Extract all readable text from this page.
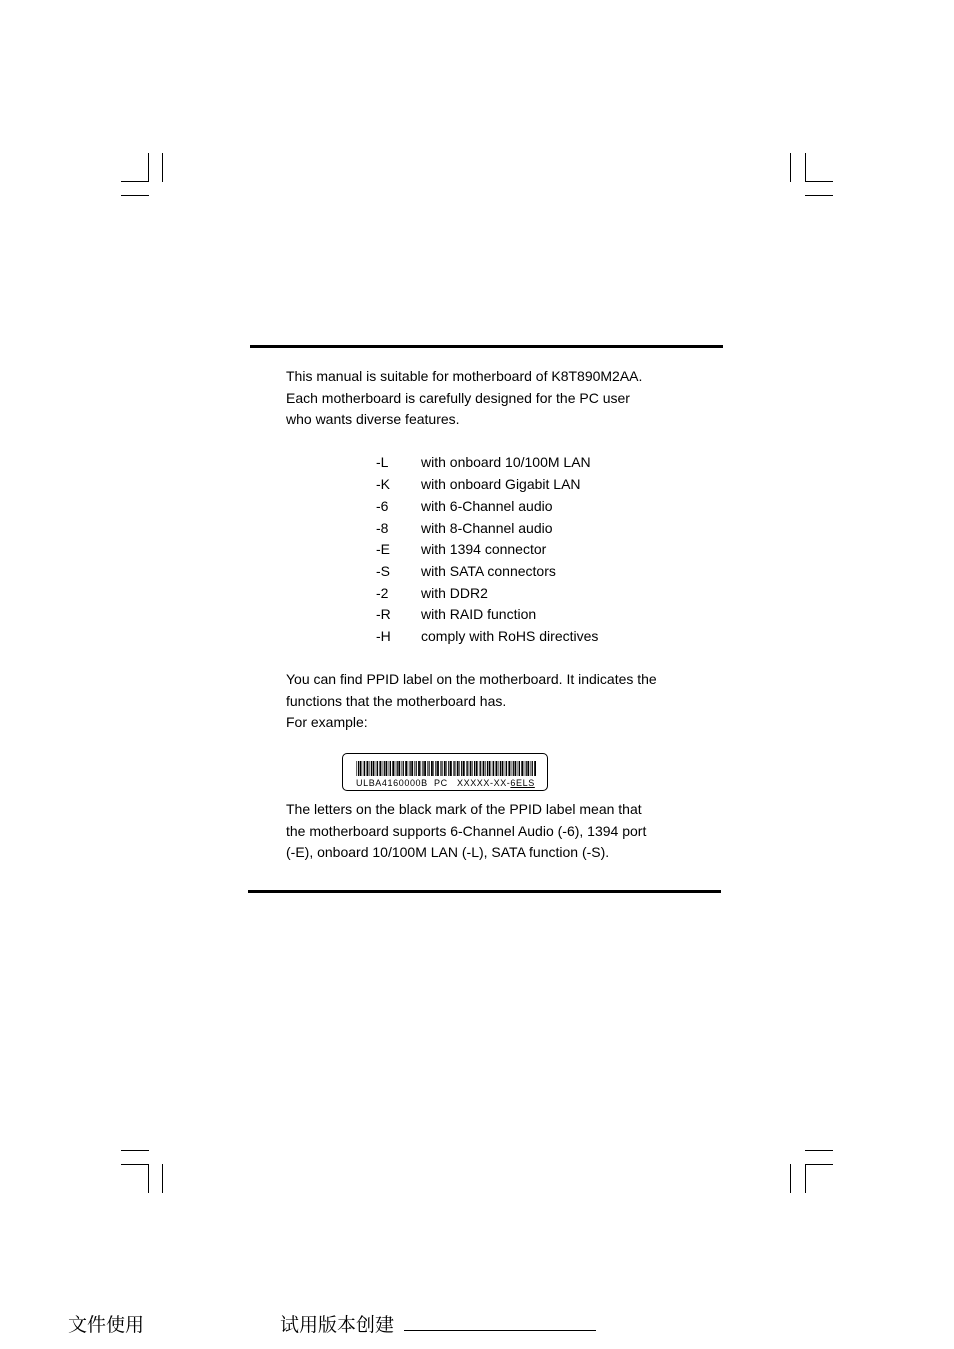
This manual is suitable for motherboard of K8T890M2AA.
Each motherboard is carefully designed for the PC user
who wants diverse features.
-L with onboard 10/100M LAN
-K with onboard Gigabit LAN
-6 with 6-Channel audio
-8 with 8-Channel audio
-E with 1394 connector
-S with SATA connectors
-2 with DDR2
-R with RAID function
-H comply with RoHS directives
You can find PPID label on the motherboard. It indicates the
functions that the motherboard has.
For example:
ULBA4160000B PC XXXXX-XX-6ELS
The letters on the black mark of the PPID label mean that
the motherboard supports 6-Channel Audio (-6), 1394 port
(-E), onboard 10/100M LAN (-L), SATA function (-S).
文件使用	试用版本创建
